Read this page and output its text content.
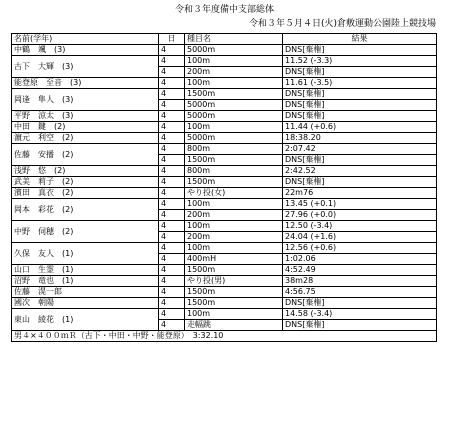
令和３年度備中支部総体
令和３年５月４日(火)倉敷運動公園陸上競技場
名前(学年)	日	種目名	結果
中鶴　颯　(3)	4	5000m	DNS[棄権]
古下　大輝　(3)	4	100m	11.52 (-3.3)
	4	200m	DNS[棄権]
能登原　至音　(3)	4	100m	11.61 (-3.5)
岡逢　隼人　(3)	4	1500m	DNS[棄権]
	4	5000m	DNS[棄権]
平野　涼太　(3)	4	5000m	DNS[棄権]
中田　鍵　(2)	4	100m	11.44 (+0.6)
濵元　利空　(2)	4	5000m	18:38.20
佐藤　安播　(2)	4	800m	2:07.42
	4	1500m	DNS[棄権]
浅野　悠　(2)	4	800m	2:42.52
武美　莉子　(2)	4	1500m	DNS[棄権]
濱田　真衣　(2)	4	やり投(女)	22m76
岡本　彩花　(2)	4	100m	13.45 (+0.1)
	4	200m	27.96 (+0.0)
中野　伺穂　(2)	4	100m	12.50 (-3.4)
	4	200m	24.04 (+1.6)
久保　友人　(1)	4	100m	12.56 (+0.6)
	4	400mH	1:02.06
山口　生霊　(1)	4	1500m	4:52.49
沼野　竜也　(1)	4	やり投(男)	38m28
佐藤　滉一郎	4	1500m	4:56.75
國次　朝陽	4	1500m	DNS[棄権]
東山　綾花　(1)	4	100m	14.58 (-3.4)
	4	走幅跳	DNS[棄権]
男４×４００ｍＲ（古下・中田・中野・能登原）　3:32.10			
